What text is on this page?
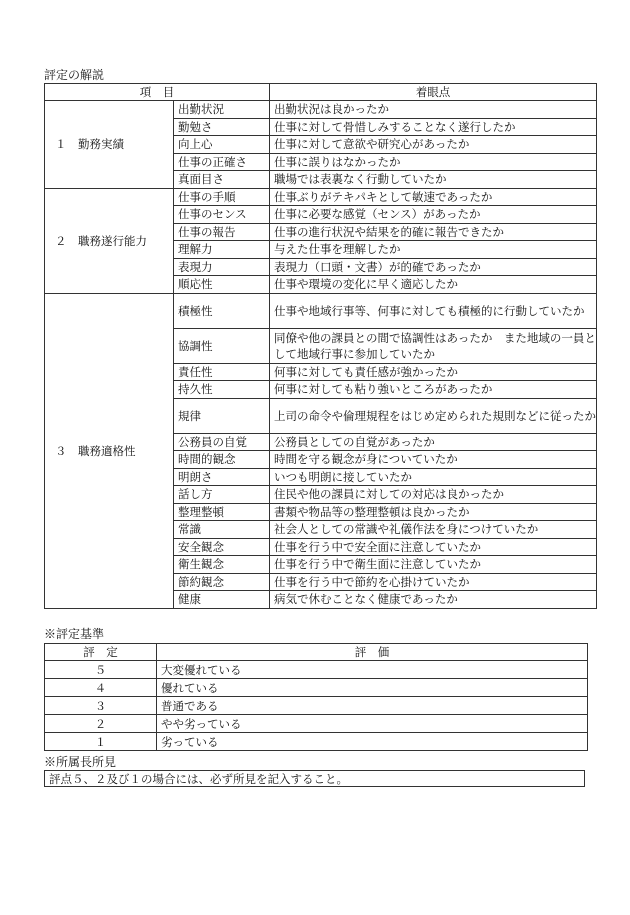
評定の解説
項　目		着眼点
１　勤務実績	出勤状況	出勤状況は良かったか
	勤勉さ	仕事に対して骨惜しみすることなく遂行したか
	向上心	仕事に対して意欲や研究心があったか
	仕事の正確さ	仕事に誤りはなかったか
	真面目さ	職場では表裏なく行動していたか
２　職務遂行能力	仕事の手順	仕事ぶりがテキパキとして敏速であったか
	仕事のセンス	仕事に必要な感覚（センス）があったか
	仕事の報告	仕事の進行状況や結果を的確に報告できたか
	理解力	与えた仕事を理解したか
	表現力	表現力（口頭・文書）が的確であったか
	順応性	仕事や環境の変化に早く適応したか
３　職務適格性	積極性	仕事や地域行事等、何事に対しても積極的に行動していたか
	協調性	同僚や他の課員との間で協調性はあったか　また地域の一員として地域行事に参加していたか
	責任性	何事に対しても責任感が強かったか
	持久性	何事に対しても粘り強いところがあったか
	規律	上司の命令や倫理規程をはじめ定められた規則などに従ったか
	公務員の自覚	公務員としての自覚があったか
	時間的観念	時間を守る観念が身についていたか
	明朗さ	いつも明朗に接していたか
	話し方	住民や他の課員に対しての対応は良かったか
	整理整頓	書類や物品等の整理整頓は良かったか
	常識	社会人としての常識や礼儀作法を身につけていたか
	安全観念	仕事を行う中で安全面に注意していたか
	衛生観念	仕事を行う中で衛生面に注意していたか
	節約観念	仕事を行う中で節約を心掛けていたか
	健康	病気で休むことなく健康であったか
※評定基準
評　定	評　価
５	大変優れている
４	優れている
３	普通である
２	やや劣っている
１	劣っている
※所属長所見
評点５、２及び１の場合には、必ず所見を記入すること。
